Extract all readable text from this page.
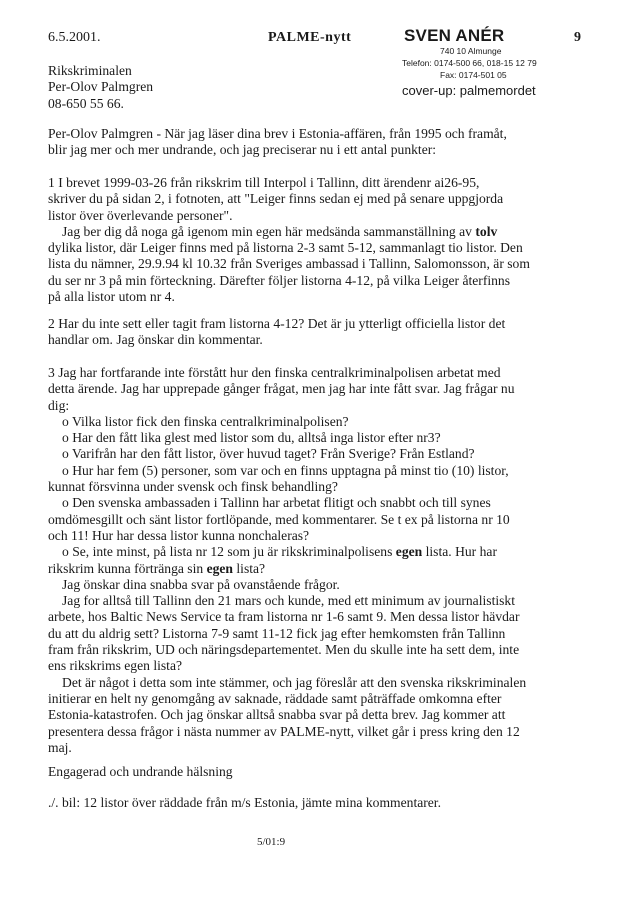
6.5.2001.	PALME-nytt	9
SVEN ANÉR
740 10 Almunge
Telefon: 0174-500 66, 018-15 12 79
Fax: 0174-501 05
cover-up: palmemordet
Rikskriminalen
Per-Olov Palmgren
08-650 55 66.
Per-Olov Palmgren - När jag läser dina brev i Estonia-affären, från 1995 och framåt,
blir jag mer och mer undrande, och jag preciserar nu i ett antal punkter:
1 I brevet 1999-03-26 från rikskrim till Interpol i Tallinn, ditt ärendenr ai26-95,
skriver du på sidan 2, i fotnoten, att "Leiger finns sedan ej med på senare uppgjorda
listor över överlevande personer".
Jag ber dig då noga gå igenom min egen här medsända sammanställning av tolv
dylika listor, där Leiger finns med på listorna 2-3 samt 5-12, sammanlagt tio listor. Den
lista du nämner, 29.9.94 kl 10.32 från Sveriges ambassad i Tallinn, Salomonsson, är som
du ser nr 3 på min förteckning. Därefter följer listorna 4-12, på vilka Leiger återfinns
på alla listor utom nr 4.
2 Har du inte sett eller tagit fram listorna 4-12? Det är ju ytterligt officiella listor det
handlar om. Jag önskar din kommentar.
3 Jag har fortfarande inte förstått hur den finska centralkriminalpolisen arbetat med
detta ärende. Jag har upprepade gånger frågat, men jag har inte fått svar. Jag frågar nu
dig:
o Vilka listor fick den finska centralkriminalpolisen?
o Har den fått lika glest med listor som du, alltså inga listor efter nr3?
o Varifrån har den fått listor, över huvud taget? Från Sverige? Från Estland?
o Hur har fem (5) personer, som var och en finns upptagna på minst tio (10) listor,
kunnat försvinna under svensk och finsk behandling?
o Den svenska ambassaden i Tallinn har arbetat flitigt och snabbt och till synes
omdömesgillt och sänt listor fortlöpande, med kommentarer. Se t ex på listorna nr 10
och 11! Hur har dessa listor kunna nonchaleras?
o Se, inte minst, på lista nr 12 som ju är rikskriminalpolisens egen lista. Hur har
rikskrim kunna förtränga sin egen lista?
Jag önskar dina snabba svar på ovanstående frågor.
Jag for alltså till Tallinn den 21 mars och kunde, med ett minimum av journalistiskt
arbete, hos Baltic News Service ta fram listorna nr 1-6 samt 9. Men dessa listor hävdar
du att du aldrig sett? Listorna 7-9 samt 11-12 fick jag efter hemkomsten från Tallinn
fram från rikskrim, UD och näringsdepartementet. Men du skulle inte ha sett dem, inte
ens rikskrims egen lista?
Det är något i detta som inte stämmer, och jag föreslår att den svenska rikskriminalen
initierar en helt ny genomgång av saknade, räddade samt påträffade omkomna efter
Estonia-katastrofen. Och jag önskar alltså snabba svar på detta brev. Jag kommer att
presentera dessa frågor i nästa nummer av PALME-nytt, vilket går i press kring den 12
maj.
Engagerad och undrande hälsning
./. bil: 12 listor över räddade från m/s Estonia, jämte mina kommentarer.
5/01:9
